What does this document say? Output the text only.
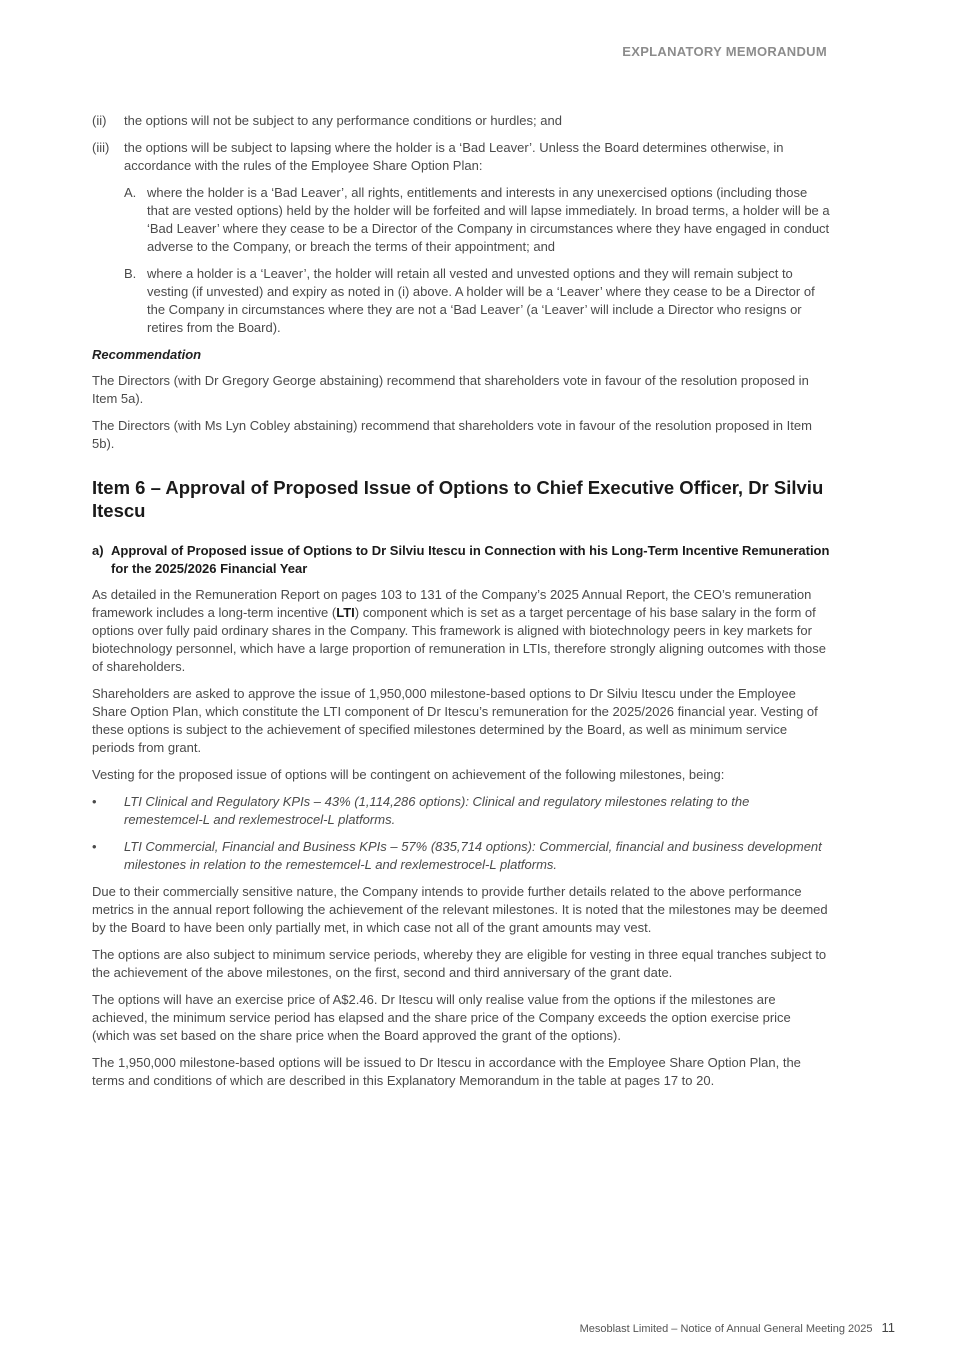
EXPLANATORY MEMORANDUM
(ii)	the options will not be subject to any performance conditions or hurdles; and
(iii)	the options will be subject to lapsing where the holder is a ‘Bad Leaver’. Unless the Board determines otherwise, in accordance with the rules of the Employee Share Option Plan:
A. where the holder is a ‘Bad Leaver’, all rights, entitlements and interests in any unexercised options (including those that are vested options) held by the holder will be forfeited and will lapse immediately. In broad terms, a holder will be a ‘Bad Leaver’ where they cease to be a Director of the Company in circumstances where they have engaged in conduct adverse to the Company, or breach the terms of their appointment; and
B. where a holder is a ‘Leaver’, the holder will retain all vested and unvested options and they will remain subject to vesting (if unvested) and expiry as noted in (i) above. A holder will be a ‘Leaver’ where they cease to be a Director of the Company in circumstances where they are not a ‘Bad Leaver’ (a ‘Leaver’ will include a Director who resigns or retires from the Board).
Recommendation

The Directors (with Dr Gregory George abstaining) recommend that shareholders vote in favour of the resolution proposed in Item 5a).

The Directors (with Ms Lyn Cobley abstaining) recommend that shareholders vote in favour of the resolution proposed in Item 5b).

Item 6 – Approval of Proposed Issue of Options to Chief Executive Officer, Dr Silviu Itescu
a) Approval of Proposed issue of Options to Dr Silviu Itescu in Connection with his Long-Term Incentive Remuneration for the 2025/2026 Financial Year

As detailed in the Remuneration Report on pages 103 to 131 of the Company’s 2025 Annual Report, the CEO’s remuneration framework includes a long-term incentive (LTI) component which is set as a target percentage of his base salary in the form of options over fully paid ordinary shares in the Company. This framework is aligned with biotechnology peers in key markets for biotechnology personnel, which have a large proportion of remuneration in LTIs, therefore strongly aligning outcomes with those of shareholders.

Shareholders are asked to approve the issue of 1,950,000 milestone-based options to Dr Silviu Itescu under the Employee Share Option Plan, which constitute the LTI component of Dr Itescu’s remuneration for the 2025/2026 financial year. Vesting of these options is subject to the achievement of specified milestones determined by the Board, as well as minimum service periods from grant.

Vesting for the proposed issue of options will be contingent on achievement of the following milestones, being:

•	LTI Clinical and Regulatory KPIs – 43% (1,114,286 options): Clinical and regulatory milestones relating to the remestemcel-L and rexlemestrocel-L platforms.
•	LTI Commercial, Financial and Business KPIs – 57% (835,714 options): Commercial, financial and business development milestones in relation to the remestemcel-L and rexlemestrocel-L platforms.

Due to their commercially sensitive nature, the Company intends to provide further details related to the above performance metrics in the annual report following the achievement of the relevant milestones. It is noted that the milestones may be deemed by the Board to have been only partially met, in which case not all of the grant amounts may vest.

The options are also subject to minimum service periods, whereby they are eligible for vesting in three equal tranches subject to the achievement of the above milestones, on the first, second and third anniversary of the grant date.

The options will have an exercise price of A$2.46. Dr Itescu will only realise value from the options if the milestones are achieved, the minimum service period has elapsed and the share price of the Company exceeds the option exercise price (which was set based on the share price when the Board approved the grant of the options).

The 1,950,000 milestone-based options will be issued to Dr Itescu in accordance with the Employee Share Option Plan, the terms and conditions of which are described in this Explanatory Memorandum in the table at pages 17 to 20.

Mesoblast Limited – Notice of Annual General Meeting 2025 11
